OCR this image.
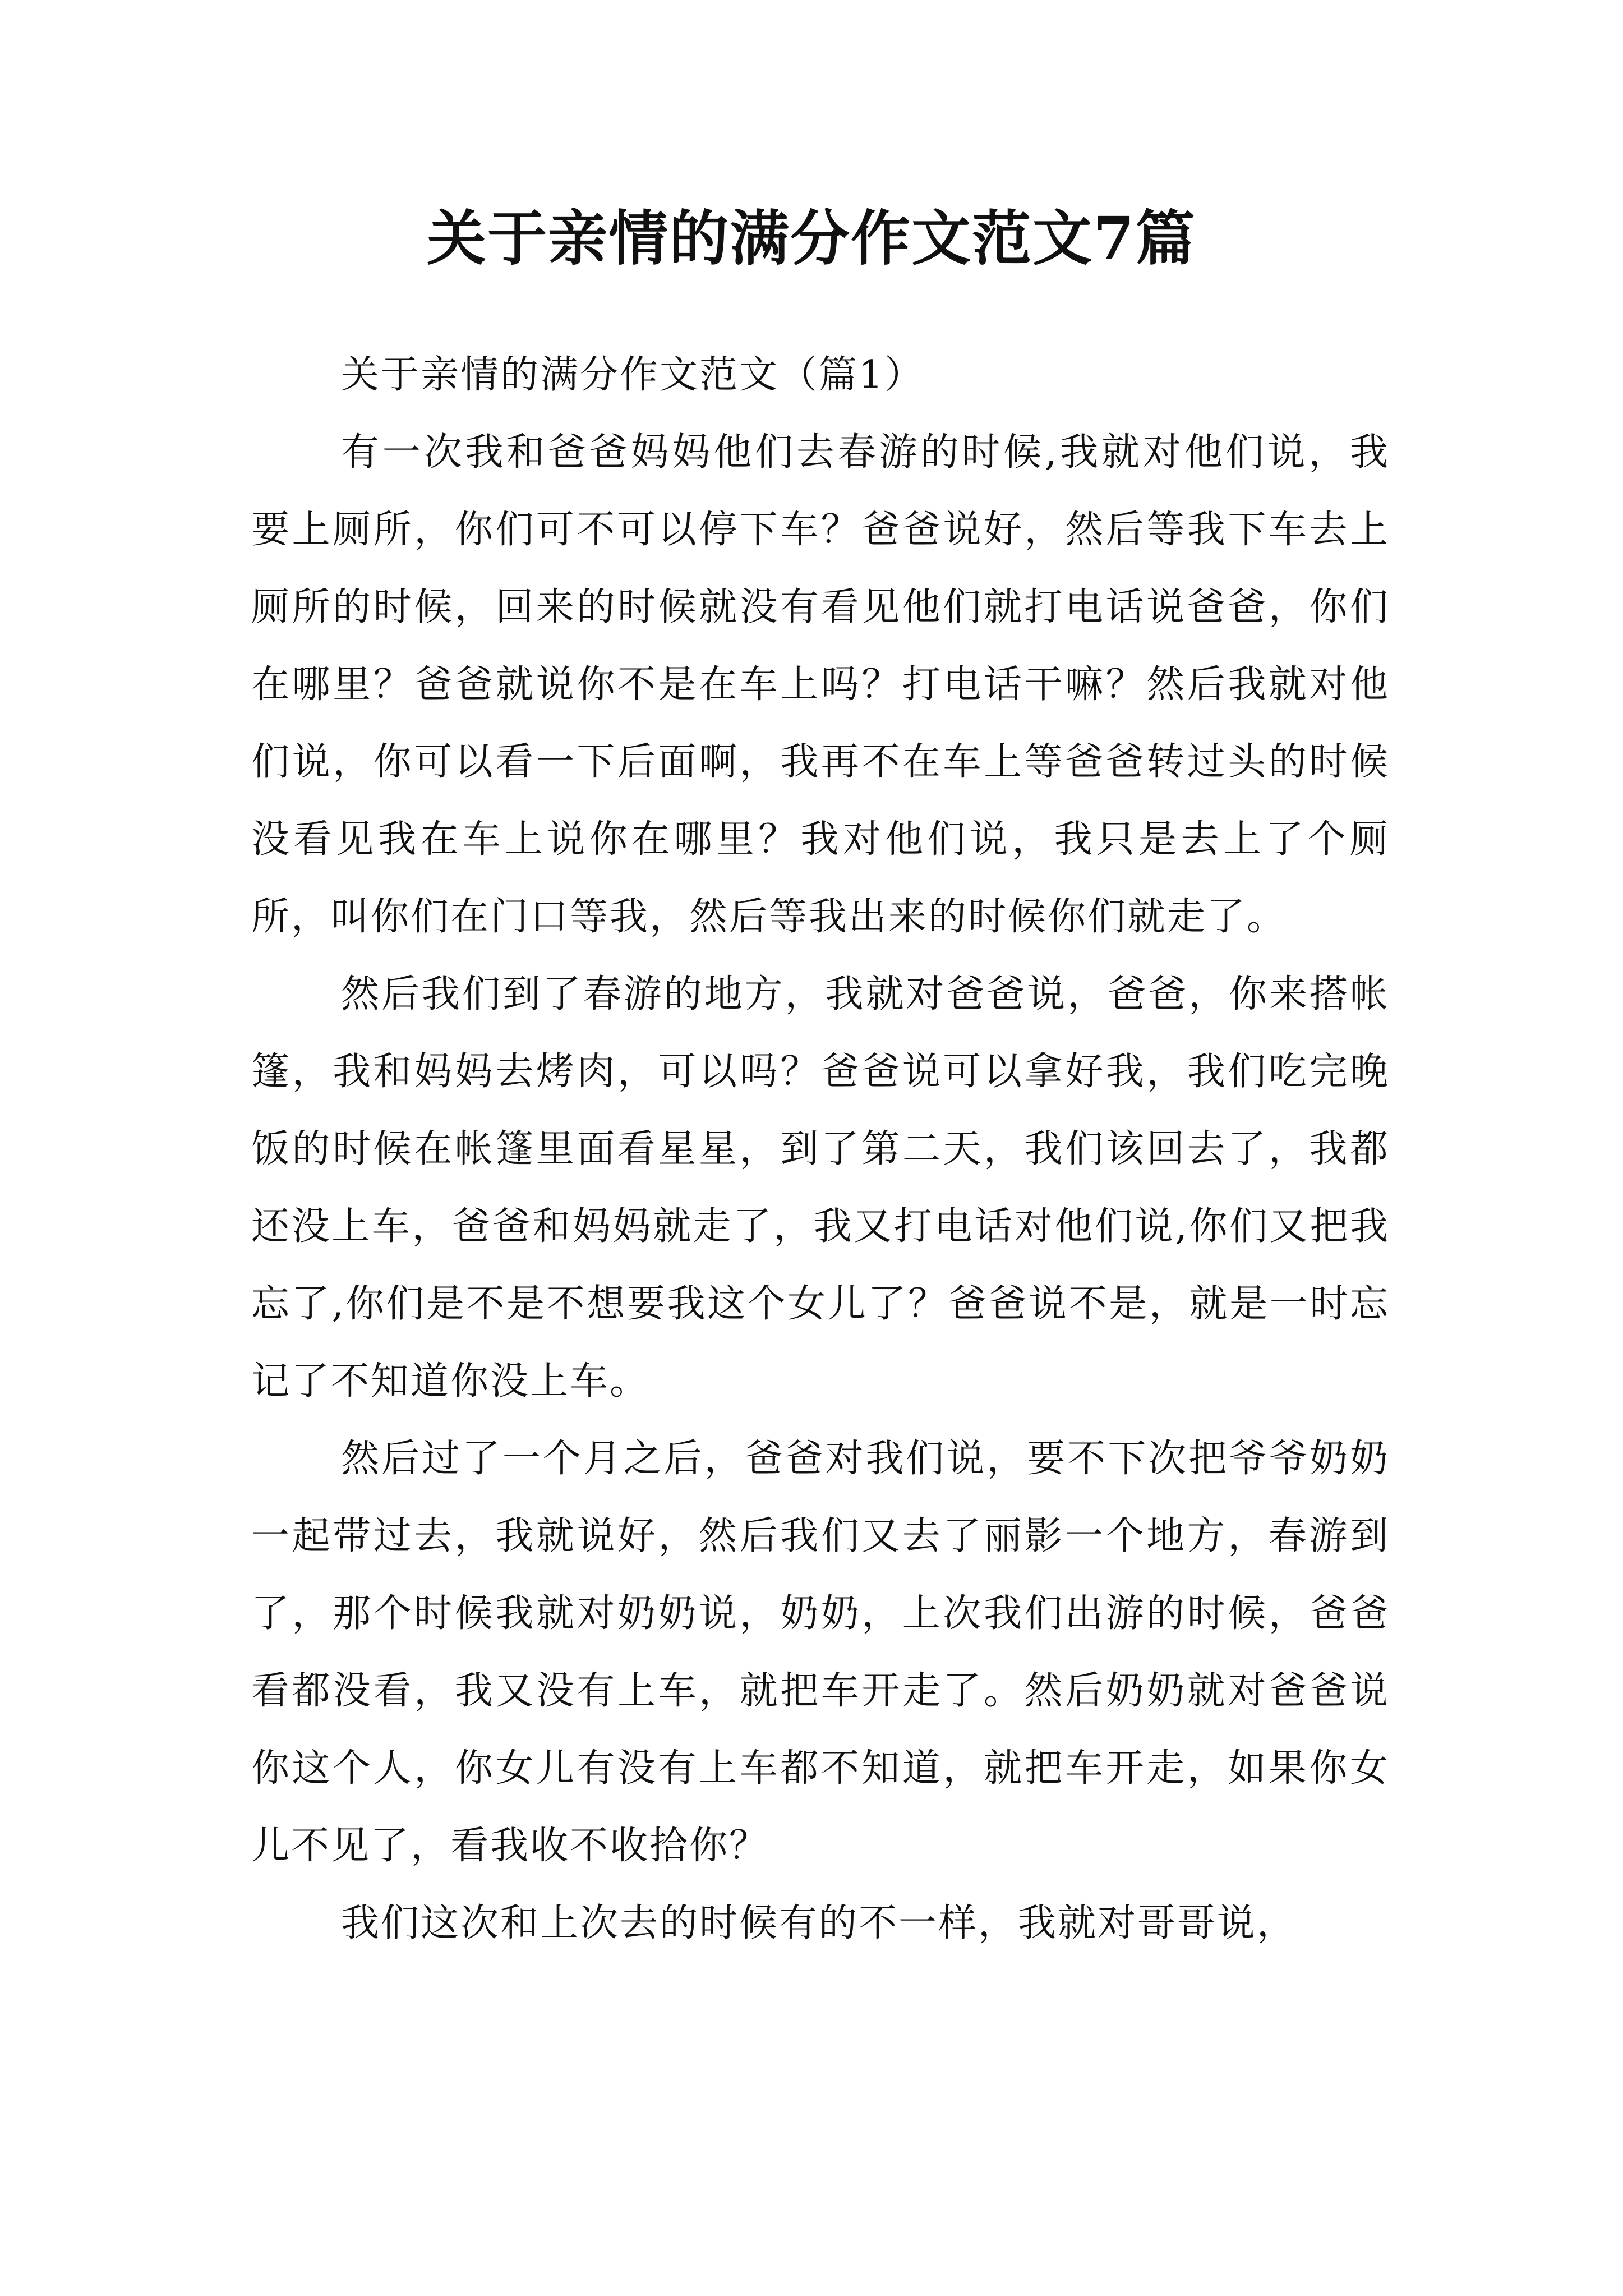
关于亲情的满分作文范文7篇

关于亲情的满分作文范文（篇1）

有一次我和爸爸妈妈他们去春游的时候,我就对他们说，我要上厕所，你们可不可以停下车？爸爸说好，然后等我下车去上厕所的时候，回来的时候就没有看见他们就打电话说爸爸，你们在哪里？爸爸就说你不是在车上吗？打电话干嘛？然后我就对他们说，你可以看一下后面啊，我再不在车上等爸爸转过头的时候没看见我在车上说你在哪里？我对他们说，我只是去上了个厕所，叫你们在门口等我，然后等我出来的时候你们就走了。

然后我们到了春游的地方，我就对爸爸说，爸爸，你来搭帐篷，我和妈妈去烤肉，可以吗？爸爸说可以拿好我，我们吃完晚饭的时候在帐篷里面看星星，到了第二天，我们该回去了，我都还没上车，爸爸和妈妈就走了，我又打电话对他们说,你们又把我忘了,你们是不是不想要我这个女儿了？爸爸说不是，就是一时忘记了不知道你没上车。

然后过了一个月之后，爸爸对我们说，要不下次把爷爷奶奶一起带过去，我就说好，然后我们又去了丽影一个地方，春游到了，那个时候我就对奶奶说，奶奶，上次我们出游的时候，爸爸看都没看，我又没有上车，就把车开走了。然后奶奶就对爸爸说你这个人，你女儿有没有上车都不知道，就把车开走，如果你女儿不见了，看我收不收拾你？

我们这次和上次去的时候有的不一样，我就对哥哥说，
